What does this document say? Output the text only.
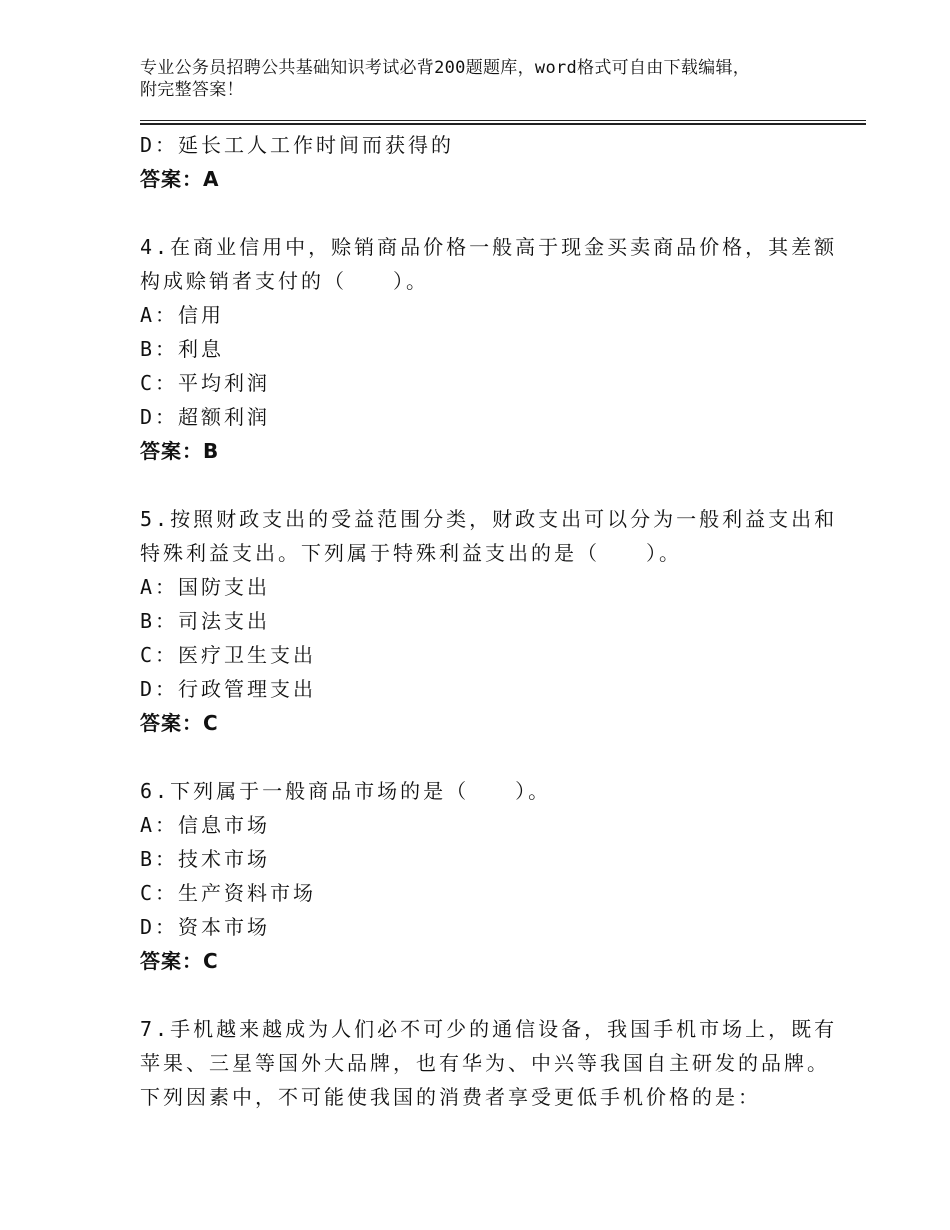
专业公务员招聘公共基础知识考试必背200题题库，word格式可自由下载编辑，
附完整答案！
D：延长工人工作时间而获得的
答案：A
4.在商业信用中，赊销商品价格一般高于现金买卖商品价格，其差额
构成赊销者支付的（　　）。
A：信用
B：利息
C：平均利润
D：超额利润
答案：B
5.按照财政支出的受益范围分类，财政支出可以分为一般利益支出和
特殊利益支出。下列属于特殊利益支出的是（　　）。
A：国防支出
B：司法支出
C：医疗卫生支出
D：行政管理支出
答案：C
6.下列属于一般商品市场的是（　　）。
A：信息市场
B：技术市场
C：生产资料市场
D：资本市场
答案：C
7.手机越来越成为人们必不可少的通信设备，我国手机市场上，既有
苹果、三星等国外大品牌，也有华为、中兴等我国自主研发的品牌。
下列因素中，不可能使我国的消费者享受更低手机价格的是：
